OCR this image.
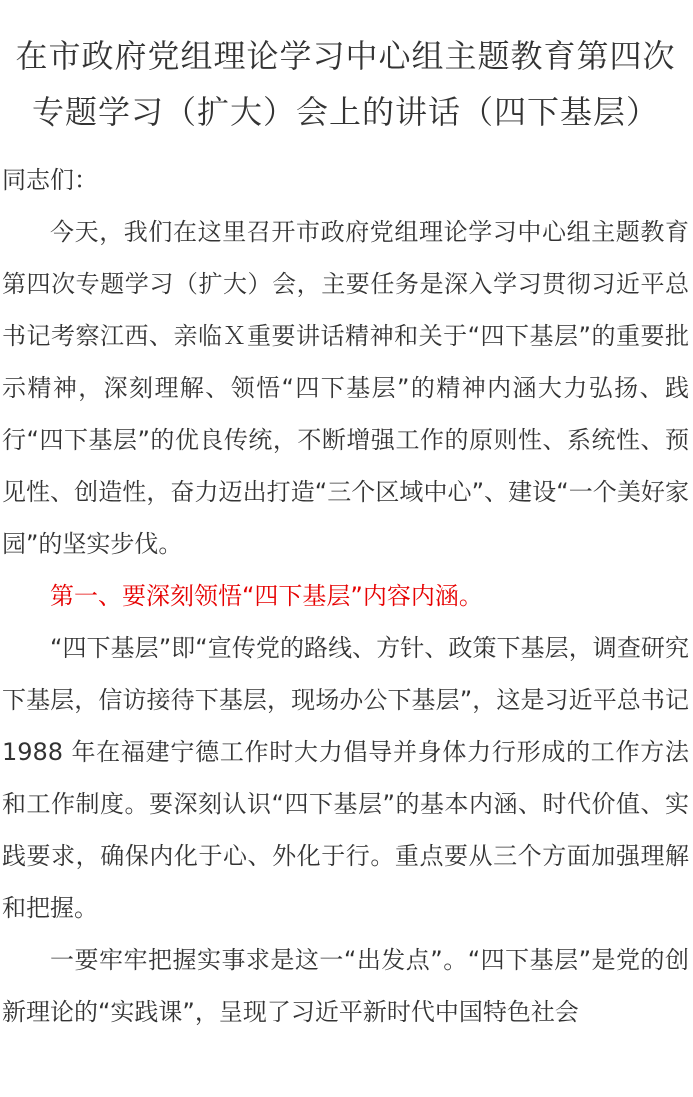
在市政府党组理论学习中心组主题教育第四次专题学习（扩大）会上的讲话（四下基层）

同志们：

今天，我们在这里召开市政府党组理论学习中心组主题教育第四次专题学习（扩大）会，主要任务是深入学习贯彻习近平总书记考察江西、亲临Ｘ重要讲话精神和关于“四下基层”的重要批示精神，深刻理解、领悟“四下基层”的精神内涵大力弘扬、践行“四下基层”的优良传统，不断增强工作的原则性、系统性、预见性、创造性，奋力迈出打造“三个区域中心”、建设“一个美好家园”的坚实步伐。

第一、要深刻领悟“四下基层”内容内涵。

“四下基层”即“宣传党的路线、方针、政策下基层，调查研究下基层，信访接待下基层，现场办公下基层”，这是习近平总书记 1988 年在福建宁德工作时大力倡导并身体力行形成的工作方法和工作制度。要深刻认识“四下基层”的基本内涵、时代价值、实践要求，确保内化于心、外化于行。重点要从三个方面加强理解和把握。

一要牢牢把握实事求是这一“出发点”。“四下基层”是党的创新理论的“实践课”，呈现了习近平新时代中国特色社会
